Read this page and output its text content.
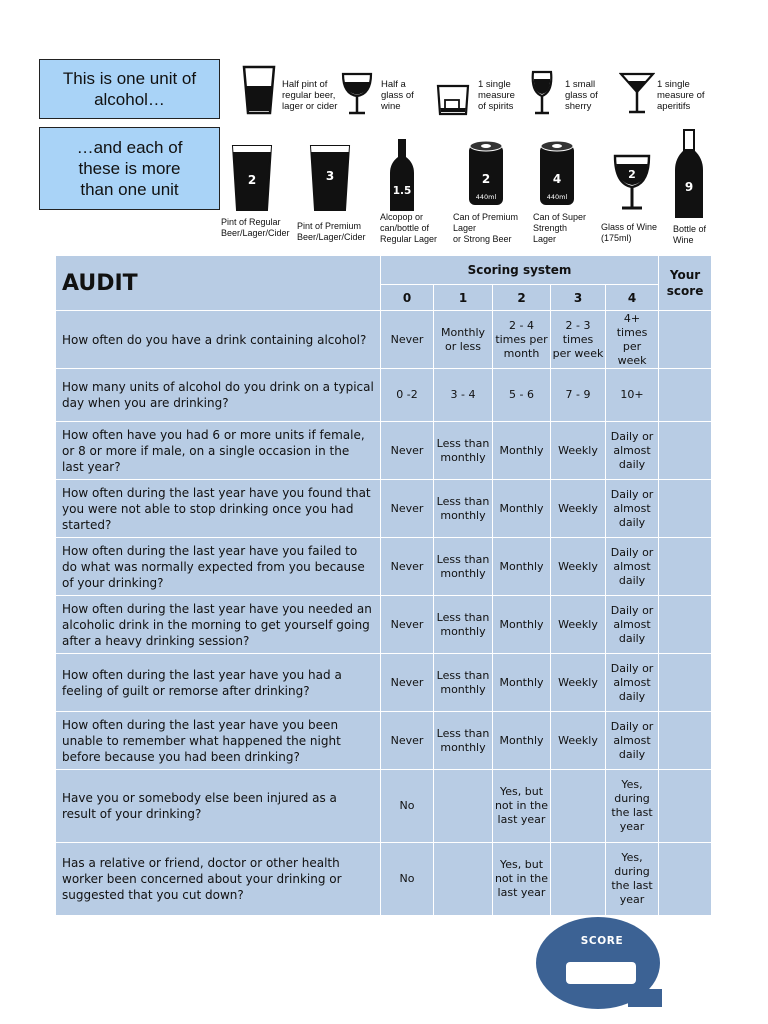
This is one unit of alcohol…
…and each of these is more than one unit
Half pint of
regular beer,
lager or cider
Half a
glass of
wine
1 single
measure
of spirits
1 small
glass of
sherry
1 single
measure of
aperitifs
2
Pint of Regular
Beer/Lager/Cider
3
Pint of Premium
Beer/Lager/Cider
1.5
Alcopop or
can/bottle of
Regular Lager
2
440ml
Can of Premium
Lager
or Strong Beer
4
440ml
Can of Super
Strength
Lager
2
Glass of Wine
(175ml)
9
Bottle of
Wine
AUDIT	Scoring system					Your score
	0	1	2	3	4	
How often do you have a drink containing alcohol?	Never	Monthly or less	2 - 4 times per month	2 - 3 times per week	4+ times per week	
How many units of alcohol do you drink on a typical day when you are drinking?	0 -2	3 - 4	5 - 6	7 - 9	10+	
How often have you had 6 or more units if female, or 8 or more if male, on a single occasion in the last year?	Never	Less than monthly	Monthly	Weekly	Daily or almost daily	
How often during the last year have you found that you were not able to stop drinking once you had started?	Never	Less than monthly	Monthly	Weekly	Daily or almost daily	
How often during the last year have you failed to do what was normally expected from you because of your drinking?	Never	Less than monthly	Monthly	Weekly	Daily or almost daily	
How often during the last year have you needed an alcoholic drink in the morning to get yourself going after a heavy drinking session?	Never	Less than monthly	Monthly	Weekly	Daily or almost daily	
How often during the last year have you had a feeling of guilt or remorse after drinking?	Never	Less than monthly	Monthly	Weekly	Daily or almost daily	
How often during the last year have you been unable to remember what happened the night before because you had been drinking?	Never	Less than monthly	Monthly	Weekly	Daily or almost daily	
Have you or somebody else been injured as a result of your drinking?	No		Yes, but not in the last year		Yes, during the last year	
Has a relative or friend, doctor or other health worker been concerned about your drinking or suggested that you cut down?	No		Yes, but not in the last year		Yes, during the last year	
SCORE
